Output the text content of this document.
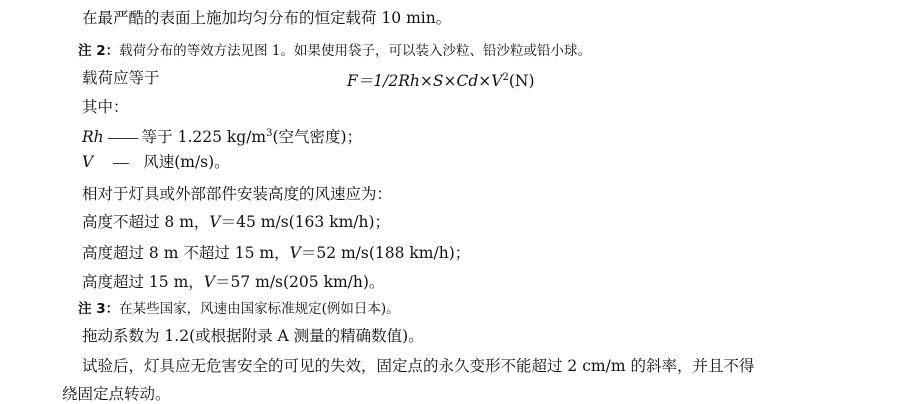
在最严酷的表面上施加均匀分布的恒定载荷 10 min。
注 2：载荷分布的等效方法见图 1。如果使用袋子，可以装入沙粒、铅沙粒或铅小球。
载荷应等于	$F=1/2Rh\times S\times Cd\times V^2(N)$
其中：
Rh 等于 1.225 $kg/m^3$(空气密度)；
V	风速(m/s)。
相对于灯具或外部部件安装高度的风速应为：
高度不超过 8 m，V＝45 m/s(163 km/h)；
高度超过 8 m 不超过 15 m，V＝52 m/s(188 km/h)；
高度超过 15 m，V＝57 m/s(205 km/h)。
注 3：在某些国家，风速由国家标准规定(例如日本)。
拖动系数为 1.2(或根据附录 A 测量的精确数值)。
试验后，灯具应无危害安全的可见的失效，固定点的永久变形不能超过 2 cm/m 的斜率，并且不得
绕固定点转动。
